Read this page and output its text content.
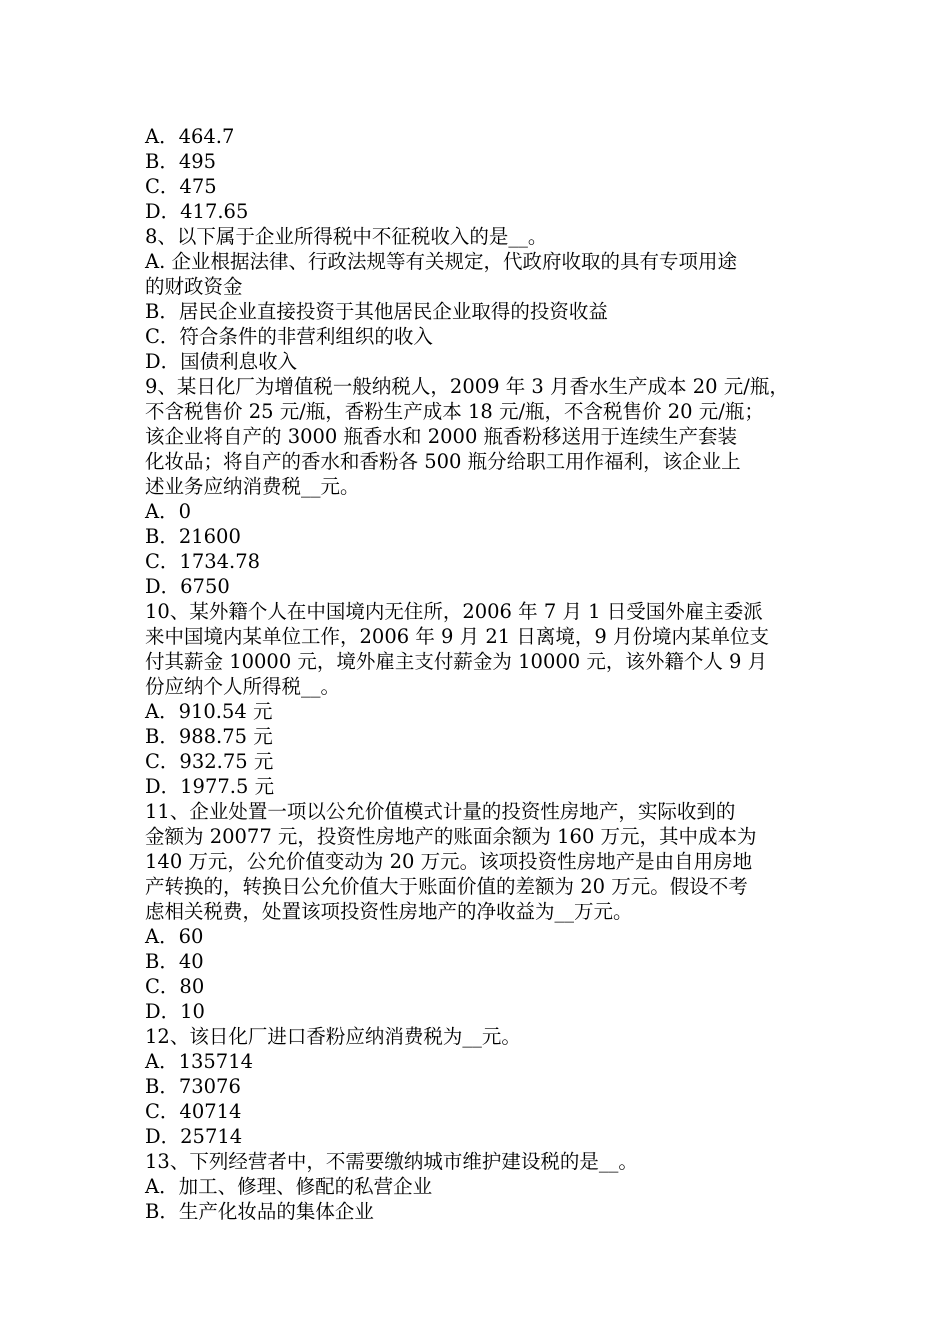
A．464.7
B．495
C．475
D．417.65
8、以下属于企业所得税中不征税收入的是__。
A. 企业根据法律、行政法规等有关规定，代政府收取的具有专项用途
的财政资金
B．居民企业直接投资于其他居民企业取得的投资收益
C．符合条件的非营利组织的收入
D．国债利息收入
9、某日化厂为增值税一般纳税人，2009 年 3 月香水生产成本 20 元/瓶，
不含税售价 25 元/瓶，香粉生产成本 18 元/瓶，不含税售价 20 元/瓶；
该企业将自产的 3000 瓶香水和 2000 瓶香粉移送用于连续生产套装
化妆品；将自产的香水和香粉各 500 瓶分给职工用作福利，该企业上
述业务应纳消费税__元。
A．0
B．21600
C．1734.78
D．6750
10、某外籍个人在中国境内无住所，2006 年 7 月 1 日受国外雇主委派
来中国境内某单位工作，2006 年 9 月 21 日离境，9 月份境内某单位支
付其薪金 10000 元，境外雇主支付薪金为 10000 元，该外籍个人 9 月
份应纳个人所得税__。
A．910.54 元
B．988.75 元
C．932.75 元
D．1977.5 元
11、企业处置一项以公允价值模式计量的投资性房地产，实际收到的
金额为 20077 元，投资性房地产的账面余额为 160 万元，其中成本为
140 万元，公允价值变动为 20 万元。该项投资性房地产是由自用房地
产转换的，转换日公允价值大于账面价值的差额为 20 万元。假设不考
虑相关税费，处置该项投资性房地产的净收益为__万元。
A．60
B．40
C．80
D．10
12、该日化厂进口香粉应纳消费税为__元。
A．135714
B．73076
C．40714
D．25714
13、下列经营者中，不需要缴纳城市维护建设税的是__。
A．加工、修理、修配的私营企业
B．生产化妆品的集体企业
